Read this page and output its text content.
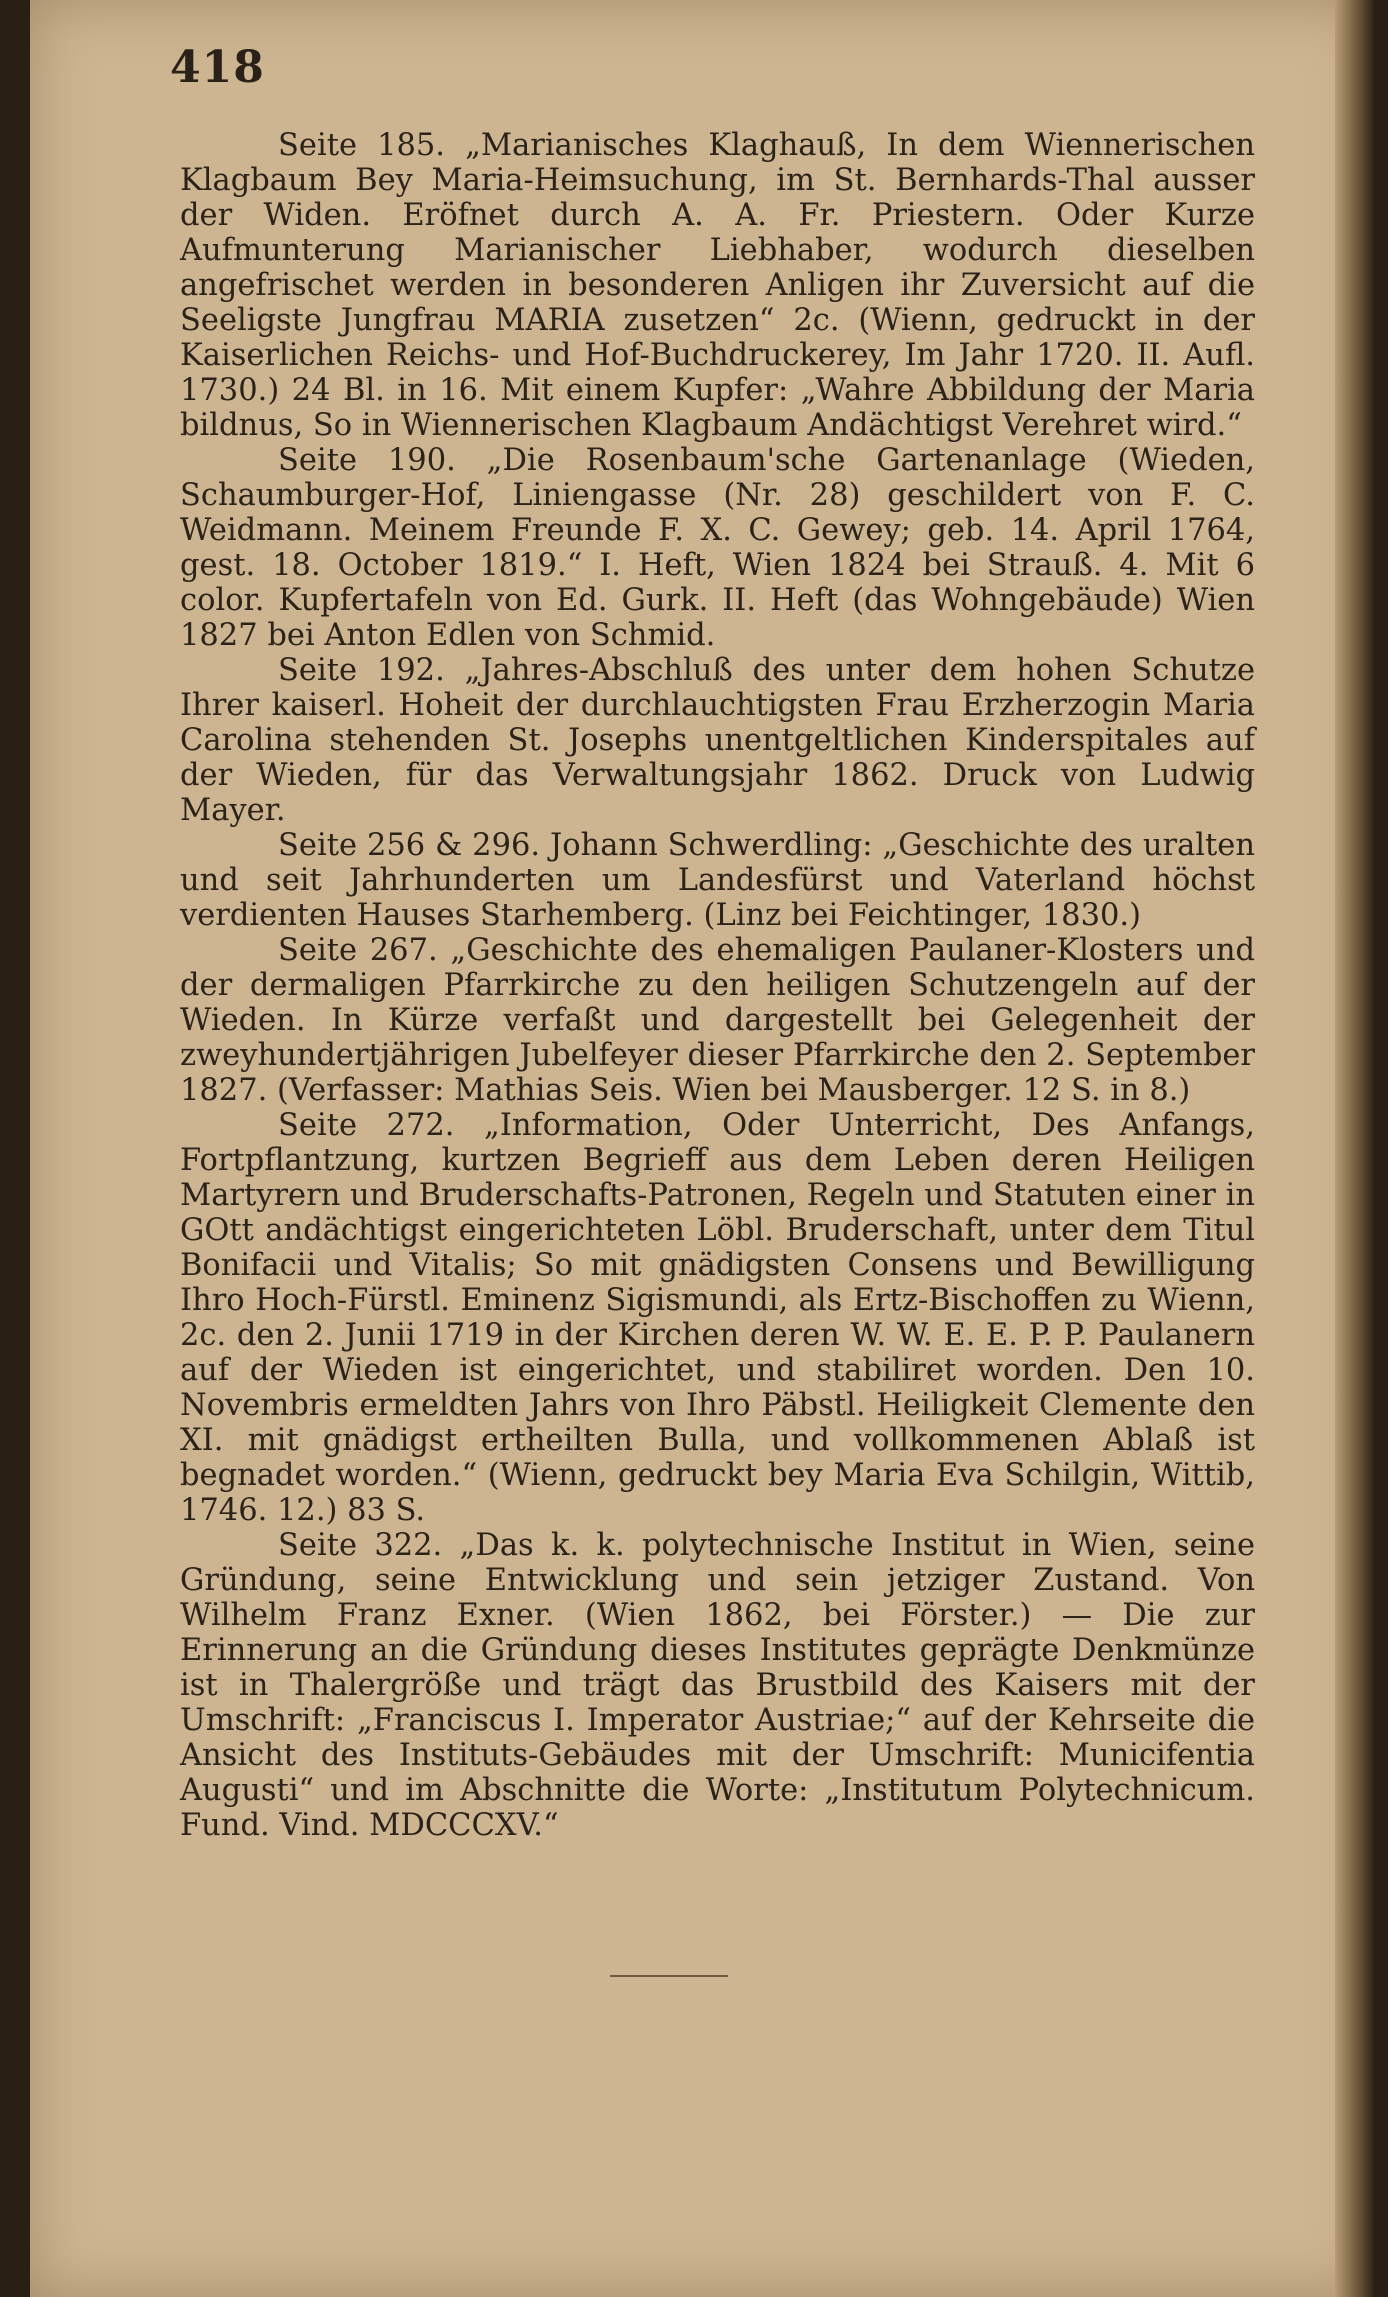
418

Seite 185. „Marianisches Klaghauß, In dem Wiennerischen Klagbaum Bey Maria-Heimsuchung, im St. Bernhards-Thal ausser der Widen. Eröfnet durch A. A. Fr. Priestern. Oder Kurze Aufmunterung Marianischer Liebhaber, wodurch dieselben angefrischet werden in besonderen Anligen ihr Zuversicht auf die Seeligste Jungfrau MARIA zusetzen“ 2c. (Wienn, gedruckt in der Kaiserlichen Reichs- und Hof-Buchdruckerey, Im Jahr 1720. II. Aufl. 1730.) 24 Bl. in 16. Mit einem Kupfer: „Wahre Abbildung der Maria bildnus, So in Wiennerischen Klagbaum Andächtigst Verehret wird.“

Seite 190. „Die Rosenbaum'sche Gartenanlage (Wieden, Schaumburger-Hof, Liniengasse (Nr. 28) geschildert von F. C. Weidmann. Meinem Freunde F. X. C. Gewey; geb. 14. April 1764, gest. 18. October 1819.“ I. Heft, Wien 1824 bei Strauß. 4. Mit 6 color. Kupfertafeln von Ed. Gurk. II. Heft (das Wohngebäude) Wien 1827 bei Anton Edlen von Schmid.

Seite 192. „Jahres-Abschluß des unter dem hohen Schutze Ihrer kaiserl. Hoheit der durchlauchtigsten Frau Erzherzogin Maria Carolina stehenden St. Josephs unentgeltlichen Kinderspitales auf der Wieden, für das Verwaltungsjahr 1862. Druck von Ludwig Mayer.

Seite 256 & 296. Johann Schwerdling: „Geschichte des uralten und seit Jahrhunderten um Landesfürst und Vaterland höchst verdienten Hauses Starhemberg. (Linz bei Feichtinger, 1830.)

Seite 267. „Geschichte des ehemaligen Paulaner-Klosters und der dermaligen Pfarrkirche zu den heiligen Schutzengeln auf der Wieden. In Kürze verfaßt und dargestellt bei Gelegenheit der zweyhundertjährigen Jubelfeyer dieser Pfarrkirche den 2. September 1827. (Verfasser: Mathias Seis. Wien bei Mausberger. 12 S. in 8.)

Seite 272. „Information, Oder Unterricht, Des Anfangs, Fortpflantzung, kurtzen Begrieff aus dem Leben deren Heiligen Martyrern und Bruderschafts-Patronen, Regeln und Statuten einer in GOtt andächtigst eingerichteten Löbl. Bruderschaft, unter dem Titul Bonifacii und Vitalis; So mit gnädigsten Consens und Bewilligung Ihro Hoch-Fürstl. Eminenz Sigismundi, als Ertz-Bischoffen zu Wienn, 2c. den 2. Junii 1719 in der Kirchen deren W. W. E. E. P. P. Paulanern auf der Wieden ist eingerichtet, und stabiliret worden. Den 10. Novembris ermeldten Jahrs von Ihro Päbstl. Heiligkeit Clemente den XI. mit gnädigst ertheilten Bulla, und vollkommenen Ablaß ist begnadet worden.“ (Wienn, gedruckt bey Maria Eva Schilgin, Wittib, 1746. 12.) 83 S.

Seite 322. „Das k. k. polytechnische Institut in Wien, seine Gründung, seine Entwicklung und sein jetziger Zustand. Von Wilhelm Franz Exner. (Wien 1862, bei Förster.) — Die zur Erinnerung an die Gründung dieses Institutes geprägte Denkmünze ist in Thalergröße und trägt das Brustbild des Kaisers mit der Umschrift: „Franciscus I. Imperator Austriae;“ auf der Kehrseite die Ansicht des Instituts-Gebäudes mit der Umschrift: Municifentia Augusti“ und im Abschnitte die Worte: „Institutum Polytechnicum. Fund. Vind. MDCCCXV.“
